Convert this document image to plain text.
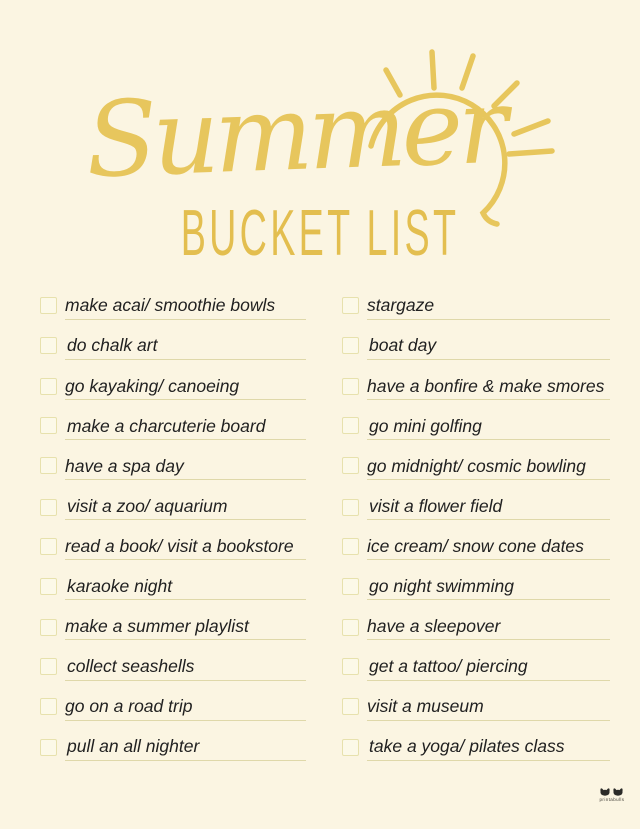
Summer
BUCKET LIST
make acai/ smoothie bowls
do chalk art
go kayaking/ canoeing
make a charcuterie board
have a spa day
visit a zoo/ aquarium
read a book/ visit a bookstore
karaoke night
make a summer playlist
collect seashells
go on a road trip
pull an all nighter
stargaze
boat day
have a bonfire & make smores
go mini golfing
go midnight/ cosmic bowling
visit a flower field
ice cream/ snow cone dates
go night swimming
have a sleepover
get a tattoo/ piercing
visit a museum
take a yoga/ pilates class
printabulls
